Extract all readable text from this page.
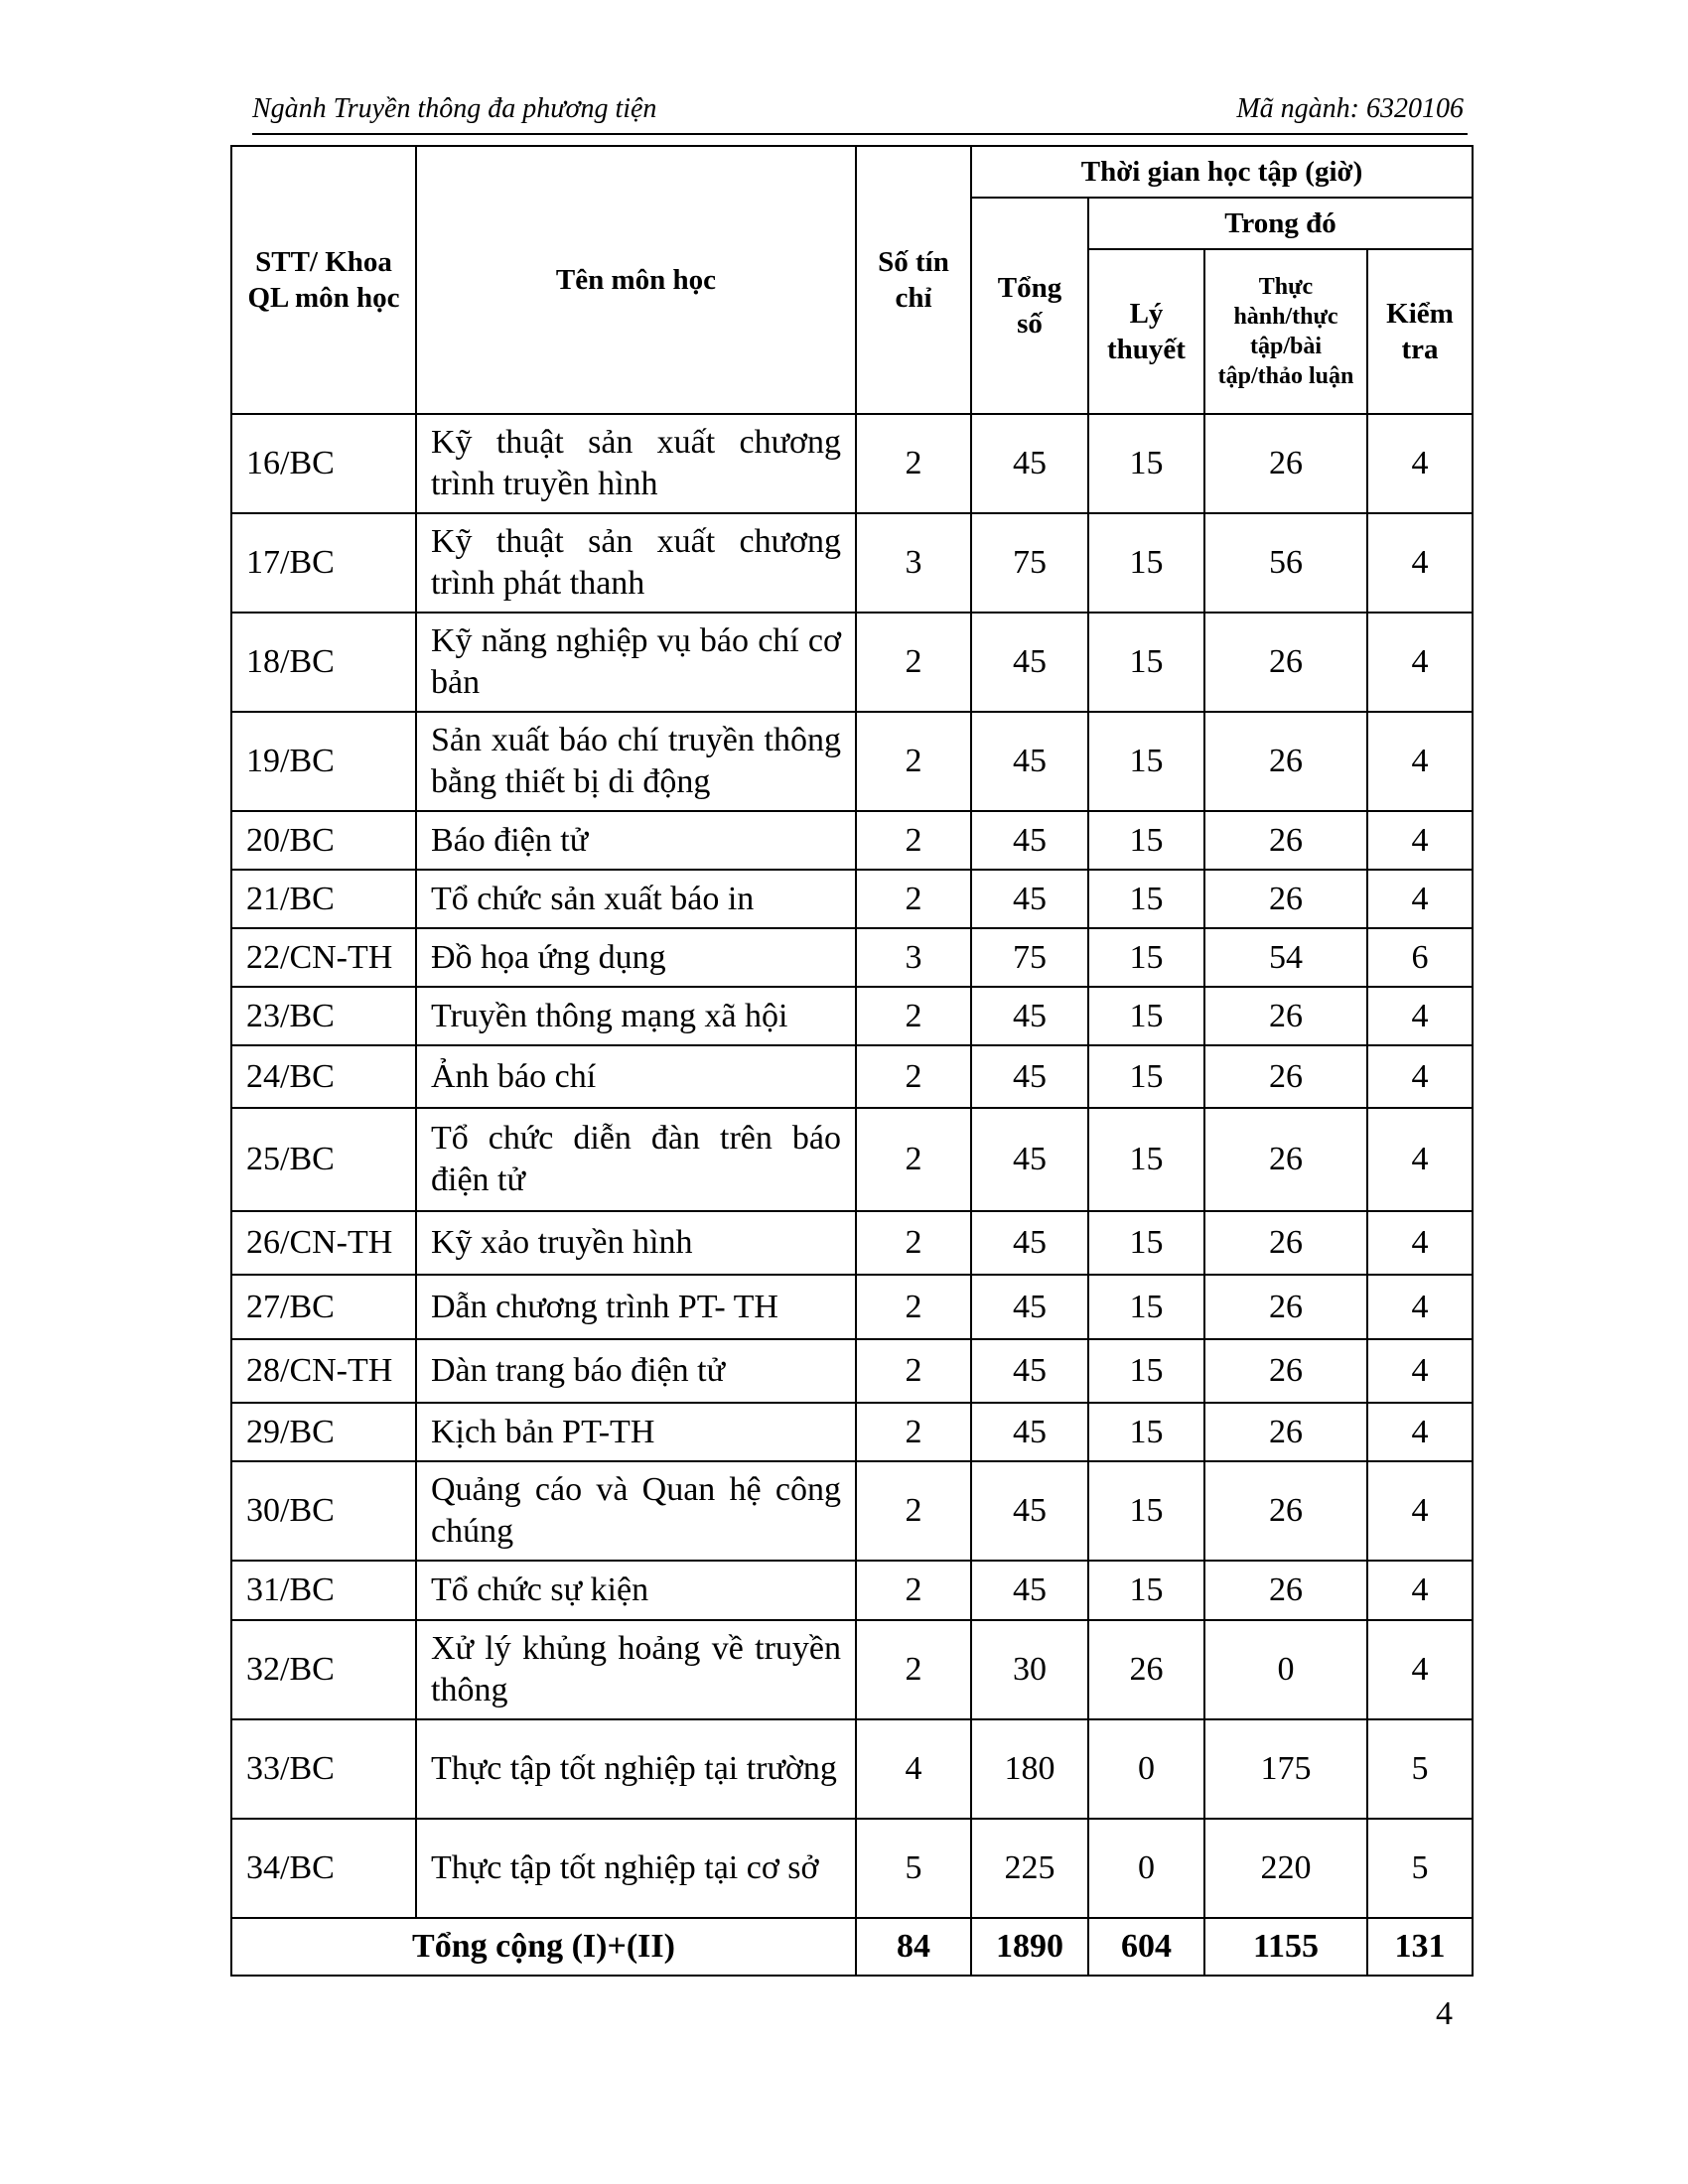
Ngành Truyền thông đa phương tiện	Mã ngành: 6320106
STT/ Khoa QL môn học	Tên môn học	Số tín chỉ	Thời gian học tập (giờ)			
			Tổng số	Trong đó		
				Lý thuyết	Thực hành/thực tập/bài tập/thảo luận	Kiểm tra
16/BC	Kỹ thuật sản xuất chương trình truyền hình	2	45	15	26	4
17/BC	Kỹ thuật sản xuất chương trình phát thanh	3	75	15	56	4
18/BC	Kỹ năng nghiệp vụ báo chí cơ bản	2	45	15	26	4
19/BC	Sản xuất báo chí truyền thông bằng thiết bị di động	2	45	15	26	4
20/BC	Báo điện tử	2	45	15	26	4
21/BC	Tổ chức sản xuất báo in	2	45	15	26	4
22/CN-TH	Đồ họa ứng dụng	3	75	15	54	6
23/BC	Truyền thông mạng xã hội	2	45	15	26	4
24/BC	Ảnh báo chí	2	45	15	26	4
25/BC	Tổ chức diễn đàn trên báo điện tử	2	45	15	26	4
26/CN-TH	Kỹ xảo truyền hình	2	45	15	26	4
27/BC	Dẫn chương trình PT- TH	2	45	15	26	4
28/CN-TH	Dàn trang báo điện tử	2	45	15	26	4
29/BC	Kịch bản PT-TH	2	45	15	26	4
30/BC	Quảng cáo và Quan hệ công chúng	2	45	15	26	4
31/BC	Tổ chức sự kiện	2	45	15	26	4
32/BC	Xử lý khủng hoảng về truyền thông	2	30	26	0	4
33/BC	Thực tập tốt nghiệp tại trường	4	180	0	175	5
34/BC	Thực tập tốt nghiệp tại cơ sở	5	225	0	220	5
Tổng cộng (I)+(II)		84	1890	604	1155	131
4
